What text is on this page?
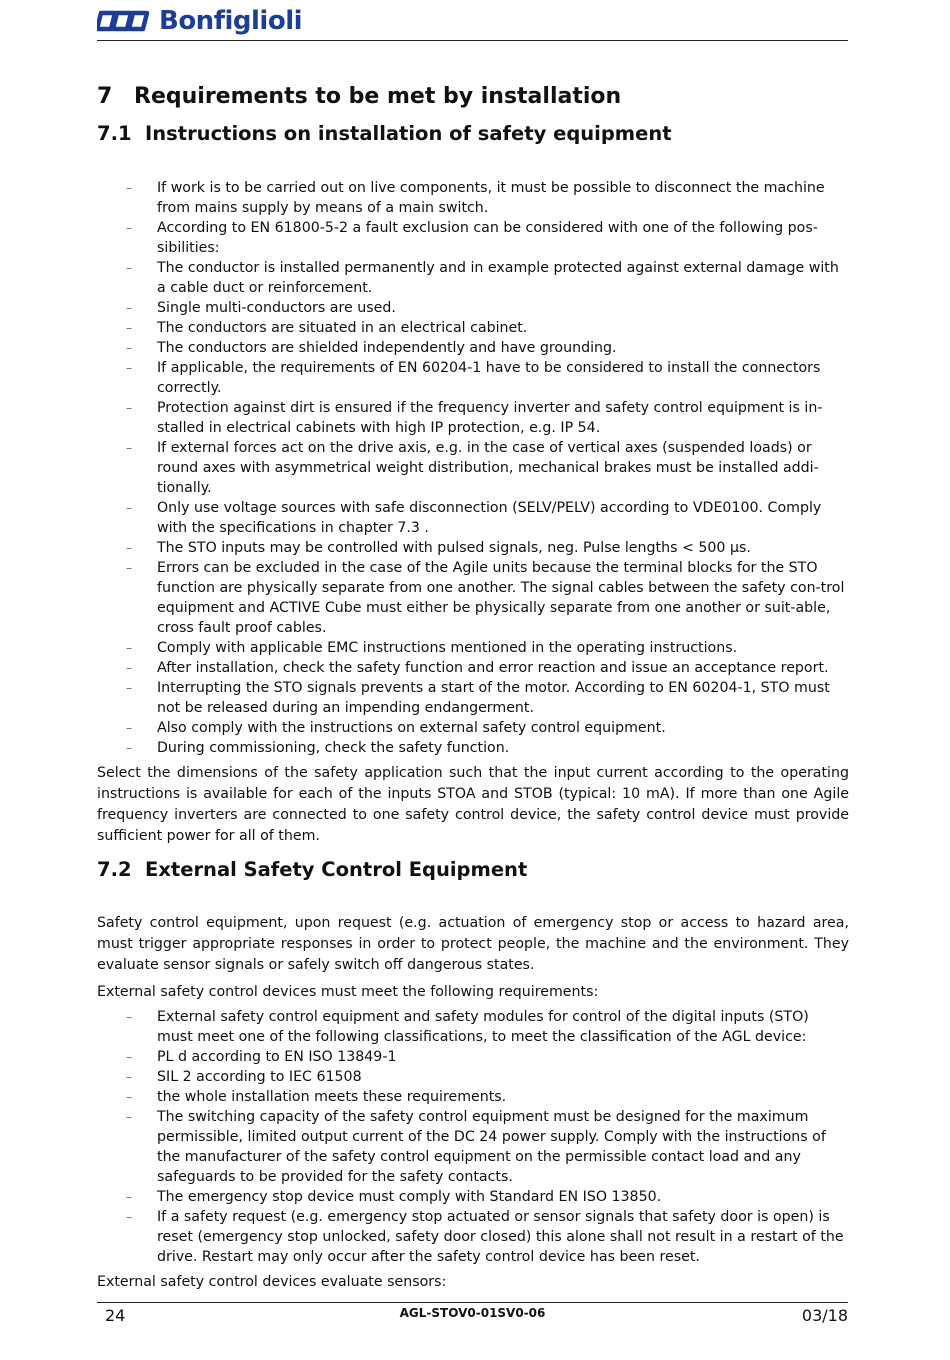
Bonfiglioli
7 Requirements to be met by installation
7.1 Instructions on installation of safety equipment
– If work is to be carried out on live components, it must be possible to disconnect the machine from mains supply by means of a main switch.
– According to EN 61800-5-2 a fault exclusion can be considered with one of the following pos-sibilities:
– The conductor is installed permanently and in example protected against external damage with a cable duct or reinforcement.
– Single multi-conductors are used.
– The conductors are situated in an electrical cabinet.
– The conductors are shielded independently and have grounding.
– If applicable, the requirements of EN 60204-1 have to be considered to install the connectors correctly.
– Protection against dirt is ensured if the frequency inverter and safety control equipment is in-stalled in electrical cabinets with high IP protection, e.g. IP 54.
– If external forces act on the drive axis, e.g. in the case of vertical axes (suspended loads) or round axes with asymmetrical weight distribution, mechanical brakes must be installed addi-tionally.
– Only use voltage sources with safe disconnection (SELV/PELV) according to VDE0100. Comply with the specifications in chapter 7.3 .
– The STO inputs may be controlled with pulsed signals, neg. Pulse lengths < 500 µs.
– Errors can be excluded in the case of the Agile units because the terminal blocks for the STO function are physically separate from one another. The signal cables between the safety con-trol equipment and ACTIVE Cube must either be physically separate from one another or suit-able, cross fault proof cables.
– Comply with applicable EMC instructions mentioned in the operating instructions.
– After installation, check the safety function and error reaction and issue an acceptance report.
– Interrupting the STO signals prevents a start of the motor. According to EN 60204-1, STO must not be released during an impending endangerment.
– Also comply with the instructions on external safety control equipment.
– During commissioning, check the safety function.

Select the dimensions of the safety application such that the input current according to the operating instructions is available for each of the inputs STOA and STOB (typical: 10 mA). If more than one Agile frequency inverters are connected to one safety control device, the safety control device must provide sufficient power for all of them.

7.2 External Safety Control Equipment

Safety control equipment, upon request (e.g. actuation of emergency stop or access to hazard area, must trigger appropriate responses in order to protect people, the machine and the environment. They evaluate sensor signals or safely switch off dangerous states.

External safety control devices must meet the following requirements:

– External safety control equipment and safety modules for control of the digital inputs (STO) must meet one of the following classifications, to meet the classification of the AGL device:
– PL d according to EN ISO 13849-1
– SIL 2 according to IEC 61508
– the whole installation meets these requirements.
– The switching capacity of the safety control equipment must be designed for the maximum permissible, limited output current of the DC 24 power supply. Comply with the instructions of the manufacturer of the safety control equipment on the permissible contact load and any safeguards to be provided for the safety contacts.
– The emergency stop device must comply with Standard EN ISO 13850.
– If a safety request (e.g. emergency stop actuated or sensor signals that safety door is open) is reset (emergency stop unlocked, safety door closed) this alone shall not result in a restart of the drive. Restart may only occur after the safety control device has been reset.

External safety control devices evaluate sensors:

24	AGL-STOV0-01SV0-06	03/18
